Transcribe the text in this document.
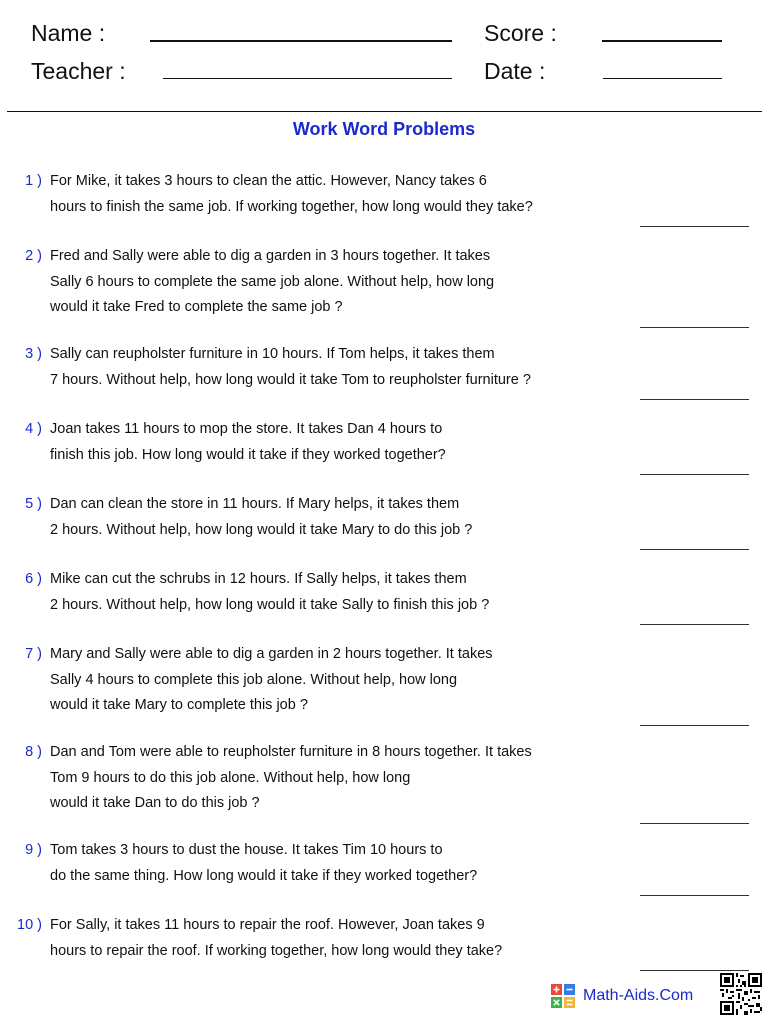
Name :
Teacher :
Score :
Date :
Work Word Problems
1 ) For Mike, it takes 3 hours to clean the attic. However, Nancy takes 6
hours to finish the same job. If working together, how long would they take?
2 ) Fred and Sally were able to dig a garden in 3 hours together. It takes
Sally 6 hours to complete the same job alone. Without help, how long
would it take Fred to complete the same job ?
3 ) Sally can reupholster furniture in 10 hours. If Tom helps, it takes them
7 hours. Without help, how long would it take Tom to reupholster furniture ?
4 ) Joan takes 11 hours to mop the store. It takes Dan 4 hours to
finish this job. How long would it take if they worked together?
5 ) Dan can clean the store in 11 hours. If Mary helps, it takes them
2 hours. Without help, how long would it take Mary to do this job ?
6 ) Mike can cut the schrubs in 12 hours. If Sally helps, it takes them
2 hours. Without help, how long would it take Sally to finish this job ?
7 ) Mary and Sally were able to dig a garden in 2 hours together. It takes
Sally 4 hours to complete this job alone. Without help, how long
would it take Mary to complete this job ?
8 ) Dan and Tom were able to reupholster furniture in 8 hours together. It takes
Tom 9 hours to do this job alone. Without help, how long
would it take Dan to do this job ?
9 ) Tom takes 3 hours to dust the house. It takes Tim 10 hours to
do the same thing. How long would it take if they worked together?
10 ) For Sally, it takes 11 hours to repair the roof. However, Joan takes 9
hours to repair the roof. If working together, how long would they take?
Math-Aids.Com
